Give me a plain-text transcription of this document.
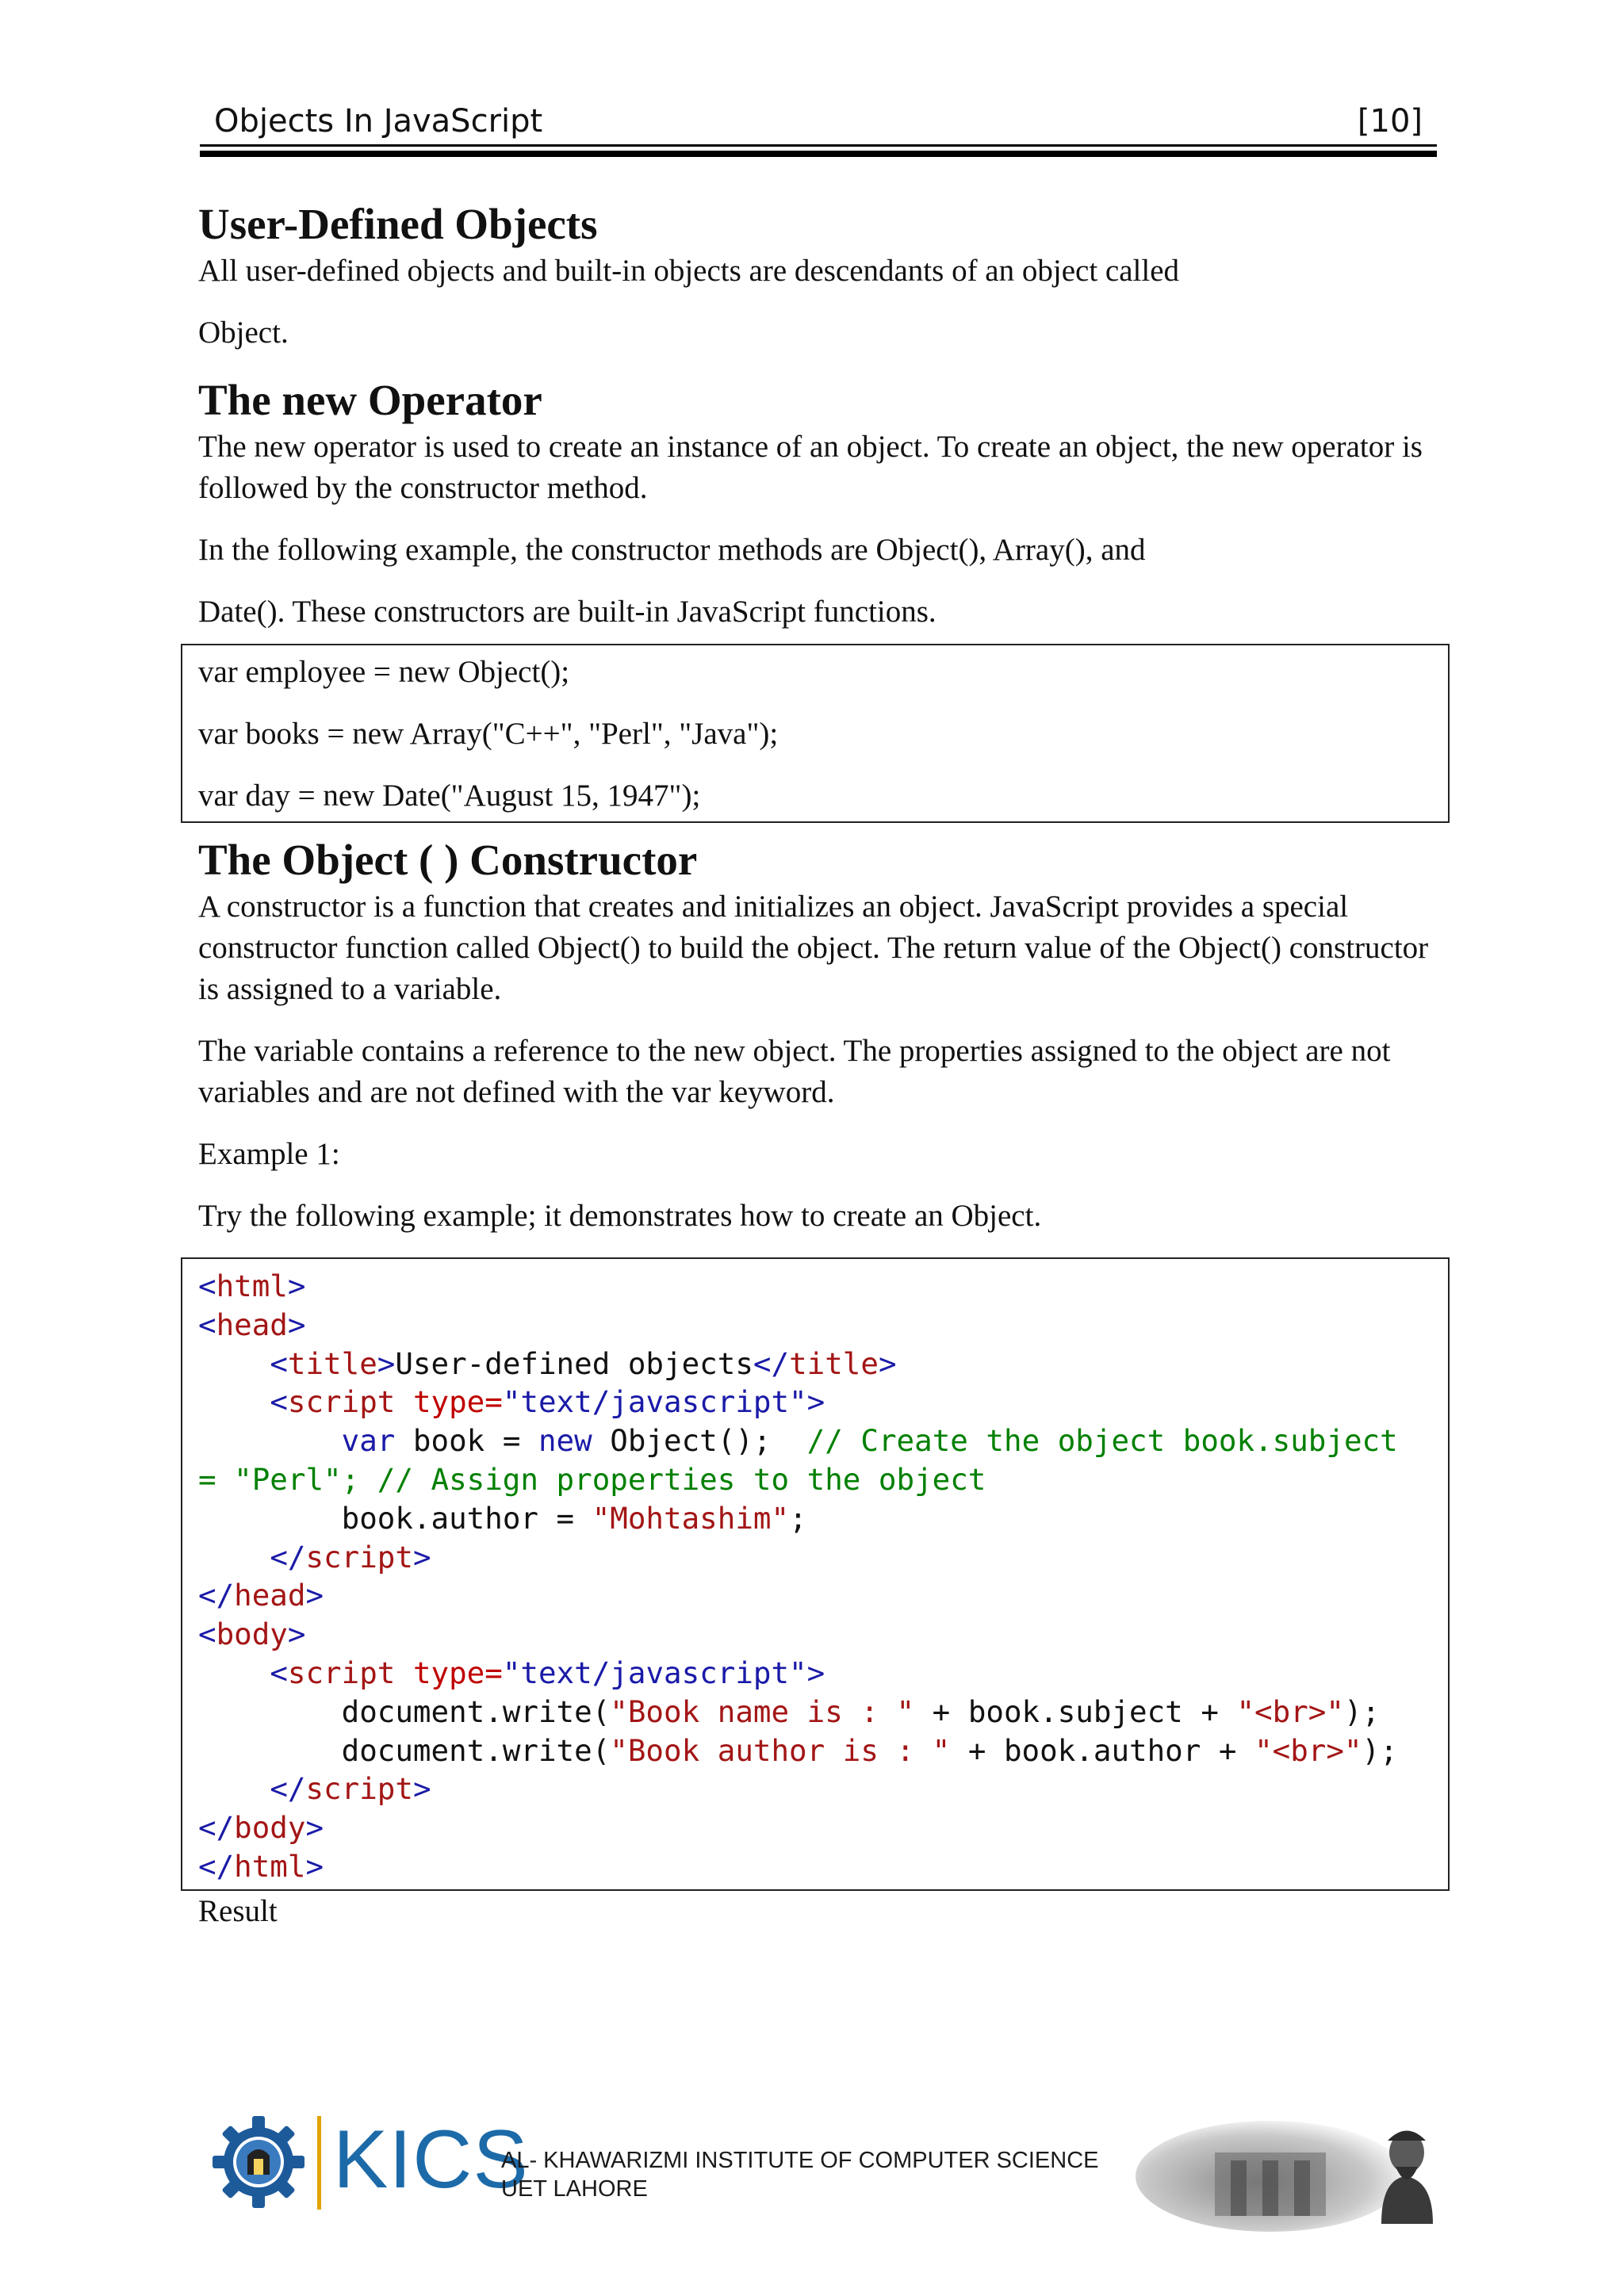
Objects In JavaScript	[10]
User-Defined Objects

All user-defined objects and built-in objects are descendants of an object called

Object.

The new Operator

The new operator is used to create an instance of an object. To create an object, the new operator is followed by the constructor method.

In the following example, the constructor methods are Object(), Array(), and

Date(). These constructors are built-in JavaScript functions.

var employee = new Object();
var books = new Array("C++", "Perl", "Java");
var day = new Date("August 15, 1947");
The Object ( ) Constructor

A constructor is a function that creates and initializes an object. JavaScript provides a special constructor function called Object() to build the object. The return value of the Object() constructor is assigned to a variable.

The variable contains a reference to the new object. The properties assigned to the object are not variables and are not defined with the var keyword.

Example 1:

Try the following example; it demonstrates how to create an Object.

<html>
<head>
<title>User-defined objects</title>
<script type="text/javascript">
var book = new Object();  // Create the object book.subject
= "Perl"; // Assign properties to the object
book.author = "Mohtashim";
</script>
</head>
<body>
<script type="text/javascript">
document.write("Book name is : " + book.subject + "<br>");
document.write("Book author is : " + book.author + "<br>");
</script>
</body>
</html>

Result

KICS
AL- KHAWARIZMI INSTITUTE OF COMPUTER SCIENCE
UET LAHORE
